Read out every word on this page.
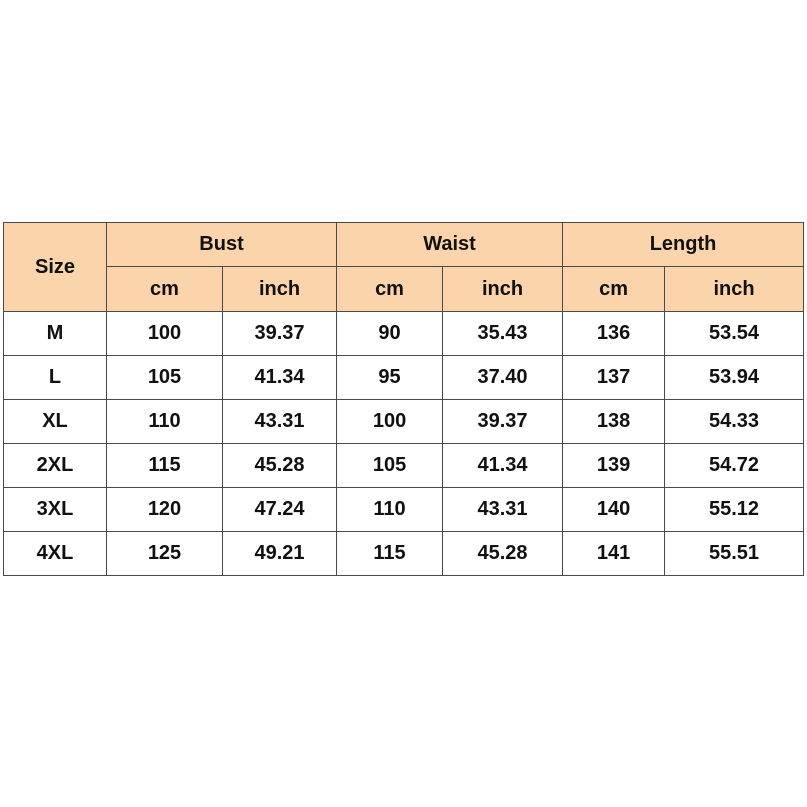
Size	Bust		Waist		Length	
	cm	inch	cm	inch	cm	inch
M	100	39.37	90	35.43	136	53.54
L	105	41.34	95	37.40	137	53.94
XL	110	43.31	100	39.37	138	54.33
2XL	115	45.28	105	41.34	139	54.72
3XL	120	47.24	110	43.31	140	55.12
4XL	125	49.21	115	45.28	141	55.51
